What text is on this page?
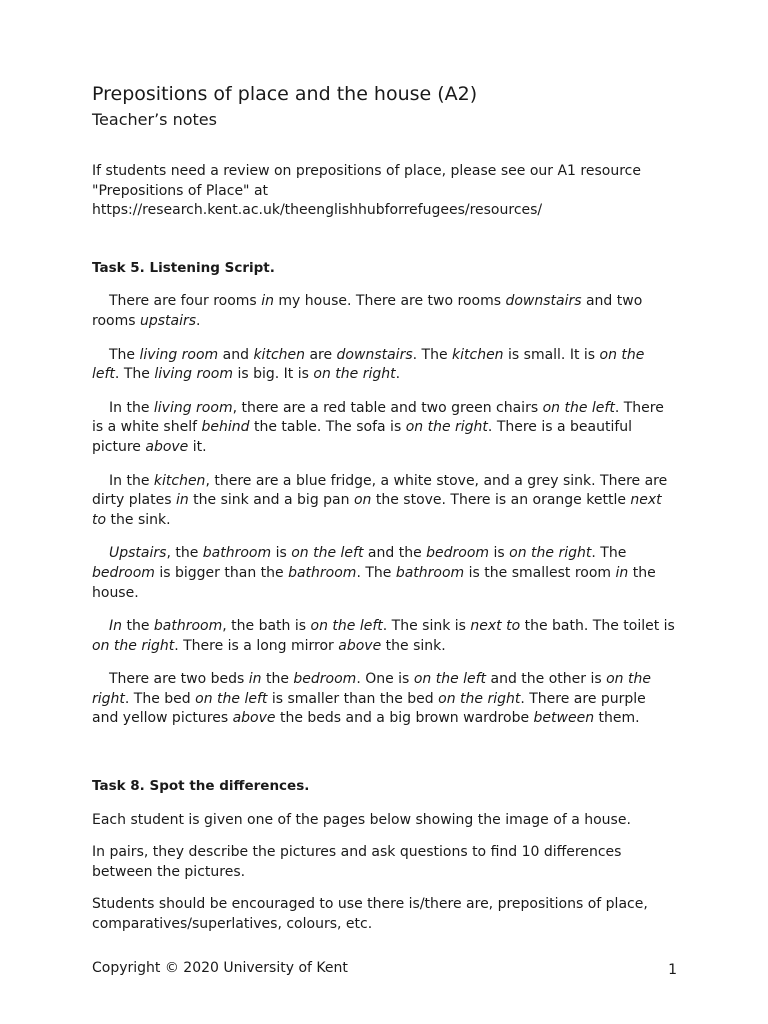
Prepositions of place and the house (A2)
Teacher’s notes

If students need a review on prepositions of place, please see our A1 resource
"Prepositions of Place" at
https://research.kent.ac.uk/theenglishhubforrefugees/resources/

Task 5. Listening Script.

There are four rooms in my house. There are two rooms downstairs and two rooms upstairs.

The living room and kitchen are downstairs. The kitchen is small. It is on the left. The living room is big. It is on the right.

In the living room, there are a red table and two green chairs on the left. There is a white shelf behind the table. The sofa is on the right. There is a beautiful picture above it.

In the kitchen, there are a blue fridge, a white stove, and a grey sink. There are dirty plates in the sink and a big pan on the stove. There is an orange kettle next to the sink.

Upstairs, the bathroom is on the left and the bedroom is on the right. The bedroom is bigger than the bathroom. The bathroom is the smallest room in the house.

In the bathroom, the bath is on the left. The sink is next to the bath. The toilet is on the right. There is a long mirror above the sink.

There are two beds in the bedroom. One is on the left and the other is on the right. The bed on the left is smaller than the bed on the right. There are purple and yellow pictures above the beds and a big brown wardrobe between them.

Task 8. Spot the differences.

Each student is given one of the pages below showing the image of a house.

In pairs, they describe the pictures and ask questions to find 10 differences between the pictures.

Students should be encouraged to use there is/there are, prepositions of place, comparatives/superlatives, colours, etc.

Copyright © 2020 University of Kent	1
